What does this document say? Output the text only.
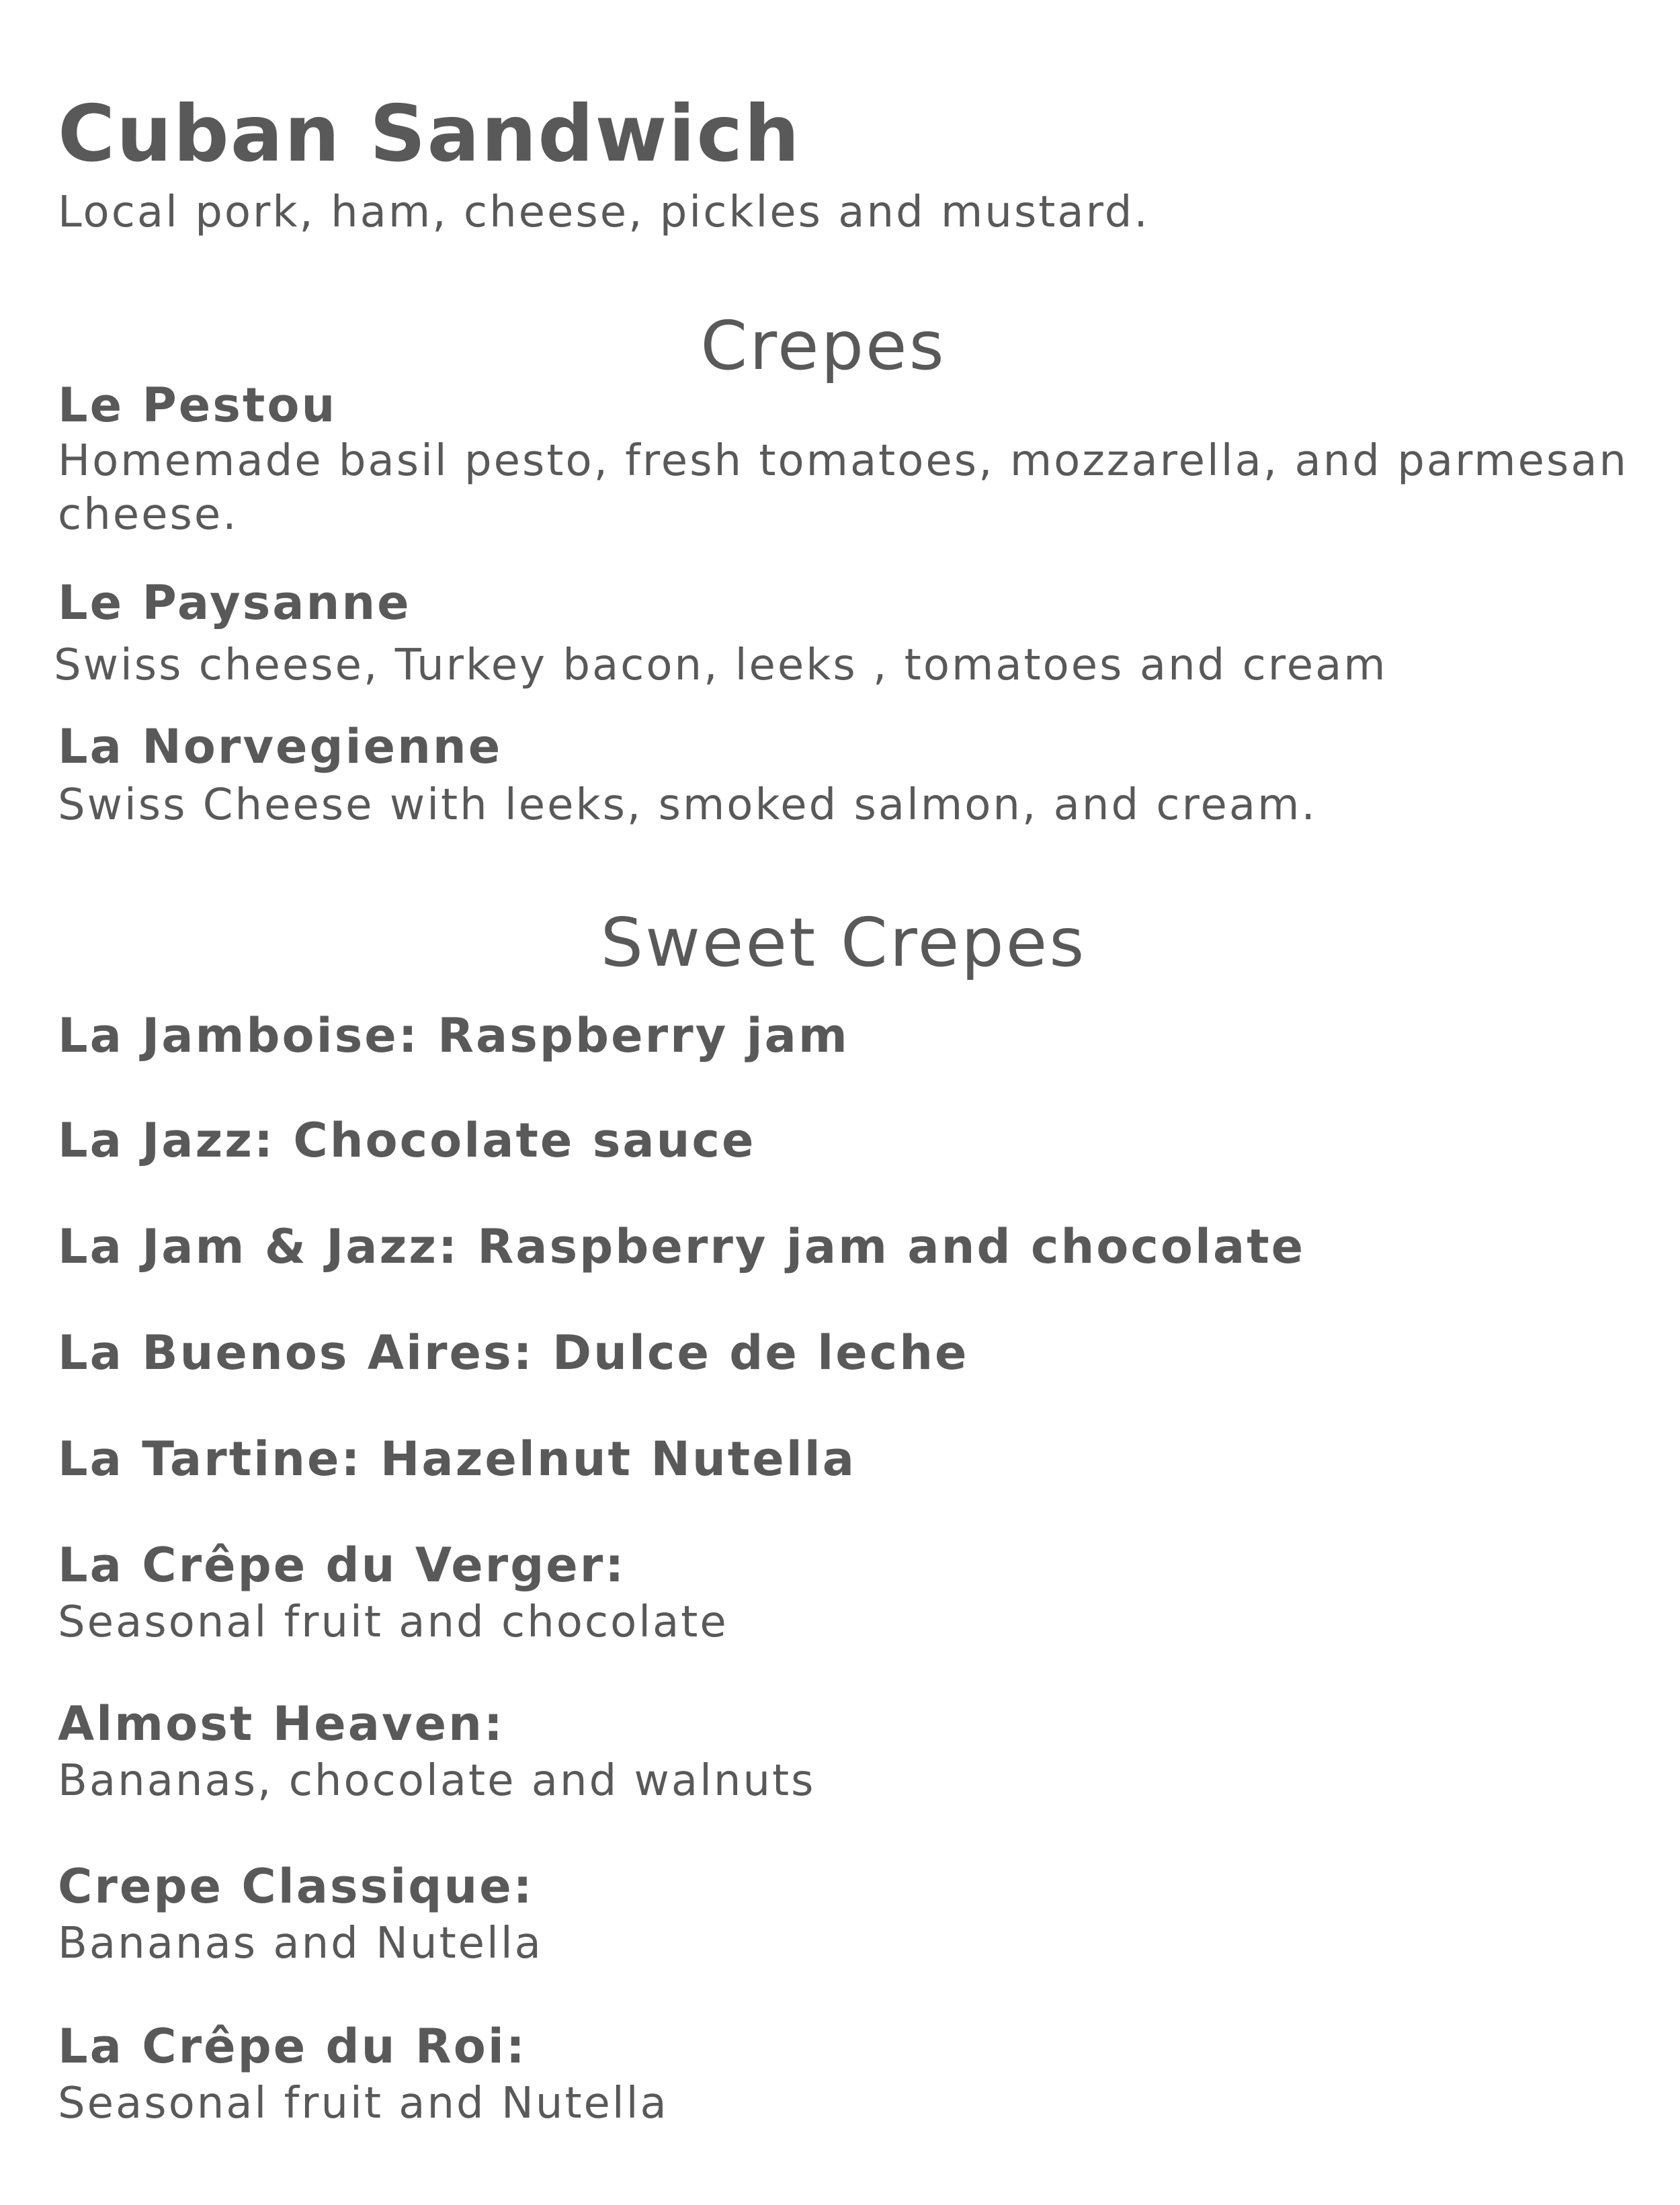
Cuban Sandwich
Local pork, ham, cheese, pickles and mustard.
Crepes
Le Pestou
Homemade basil pesto, fresh tomatoes, mozzarella, and parmesan cheese.
Le Paysanne
Swiss cheese, Turkey bacon, leeks , tomatoes and cream
La Norvegienne
Swiss Cheese with leeks, smoked salmon, and cream.
Sweet Crepes
La Jamboise: Raspberry jam
La Jazz: Chocolate sauce
La Jam & Jazz: Raspberry jam and chocolate
La Buenos Aires: Dulce de leche
La Tartine: Hazelnut Nutella
La Crêpe du Verger:
Seasonal fruit and chocolate
Almost Heaven:
Bananas, chocolate and walnuts
Crepe Classique:
Bananas and Nutella
La Crêpe du Roi:
Seasonal fruit and Nutella
